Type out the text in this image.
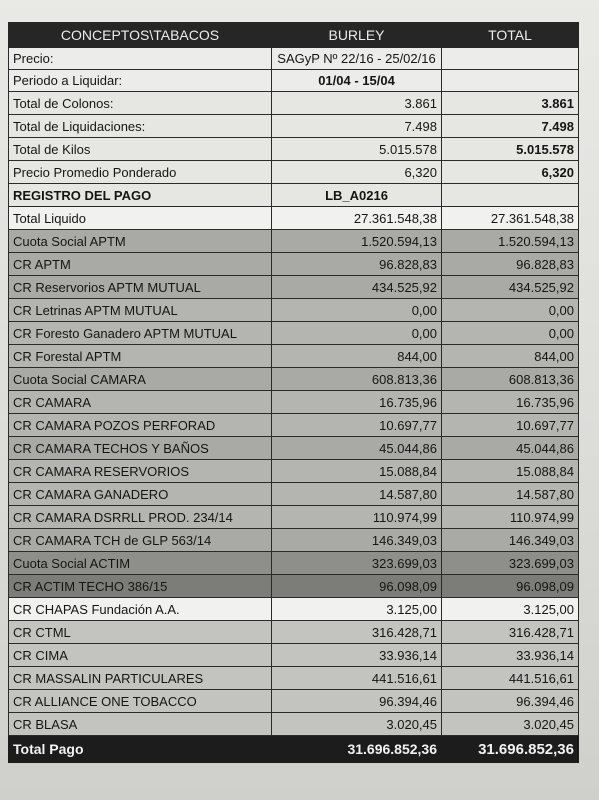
CONCEPTOS\TABACOS	BURLEY	TOTAL
Precio:	SAGyP Nº 22/16 - 25/02/16	
Periodo a Liquidar:	01/04 - 15/04	
Total de Colonos:	3.861	3.861
Total de Liquidaciones:	7.498	7.498
Total de Kilos	5.015.578	5.015.578
Precio Promedio Ponderado	6,320	6,320
REGISTRO DEL PAGO	LB_A0216	
Total Liquido	27.361.548,38	27.361.548,38
Cuota Social APTM	1.520.594,13	1.520.594,13
CR APTM	96.828,83	96.828,83
CR Reservorios APTM MUTUAL	434.525,92	434.525,92
CR Letrinas APTM MUTUAL	0,00	0,00
CR Foresto Ganadero APTM MUTUAL	0,00	0,00
CR Forestal APTM	844,00	844,00
Cuota Social CAMARA	608.813,36	608.813,36
CR CAMARA	16.735,96	16.735,96
CR CAMARA POZOS PERFORAD	10.697,77	10.697,77
CR CAMARA TECHOS Y BAÑOS	45.044,86	45.044,86
CR CAMARA RESERVORIOS	15.088,84	15.088,84
CR CAMARA GANADERO	14.587,80	14.587,80
CR CAMARA DSRRLL PROD. 234/14	110.974,99	110.974,99
CR CAMARA TCH de GLP 563/14	146.349,03	146.349,03
Cuota Social ACTIM	323.699,03	323.699,03
CR ACTIM TECHO 386/15	96.098,09	96.098,09
CR CHAPAS Fundación A.A.	3.125,00	3.125,00
CR CTML	316.428,71	316.428,71
CR CIMA	33.936,14	33.936,14
CR MASSALIN PARTICULARES	441.516,61	441.516,61
CR ALLIANCE ONE TOBACCO	96.394,46	96.394,46
CR BLASA	3.020,45	3.020,45
Total Pago	31.696.852,36	31.696.852,36
